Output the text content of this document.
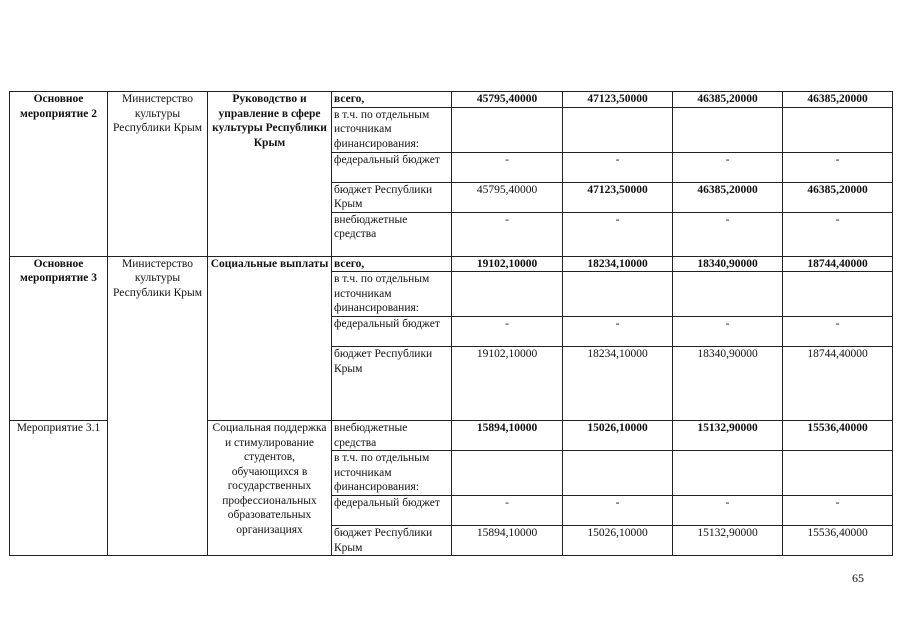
Основное мероприятие 2	Министерство культуры Республики Крым	Руководство и управление в сфере культуры Республики Крым	всего,	45795,40000	47123,50000	46385,20000	46385,20000
			в т.ч. по отдельным источникам финансирования:				
			федеральный бюджет	-	-	-	-
			бюджет Республики Крым	45795,40000	47123,50000	46385,20000	46385,20000
			внебюджетные средства	-	-	-	-
Основное мероприятие 3	Министерство культуры Республики Крым	Социальные выплаты	всего,	19102,10000	18234,10000	18340,90000	18744,40000
			в т.ч. по отдельным источникам финансирования:				
			федеральный бюджет	-	-	-	-
			бюджет Республики Крым	19102,10000	18234,10000	18340,90000	18744,40000
Мероприятие 3.1		Социальная поддержка и стимулирование студентов, обучающихся в государственных профессиональных образовательных организациях	внебюджетные средства	15894,10000	15026,10000	15132,90000	15536,40000
			в т.ч. по отдельным источникам финансирования:				
			федеральный бюджет	-	-	-	-
			бюджет Республики Крым	15894,10000	15026,10000	15132,90000	15536,40000
65
